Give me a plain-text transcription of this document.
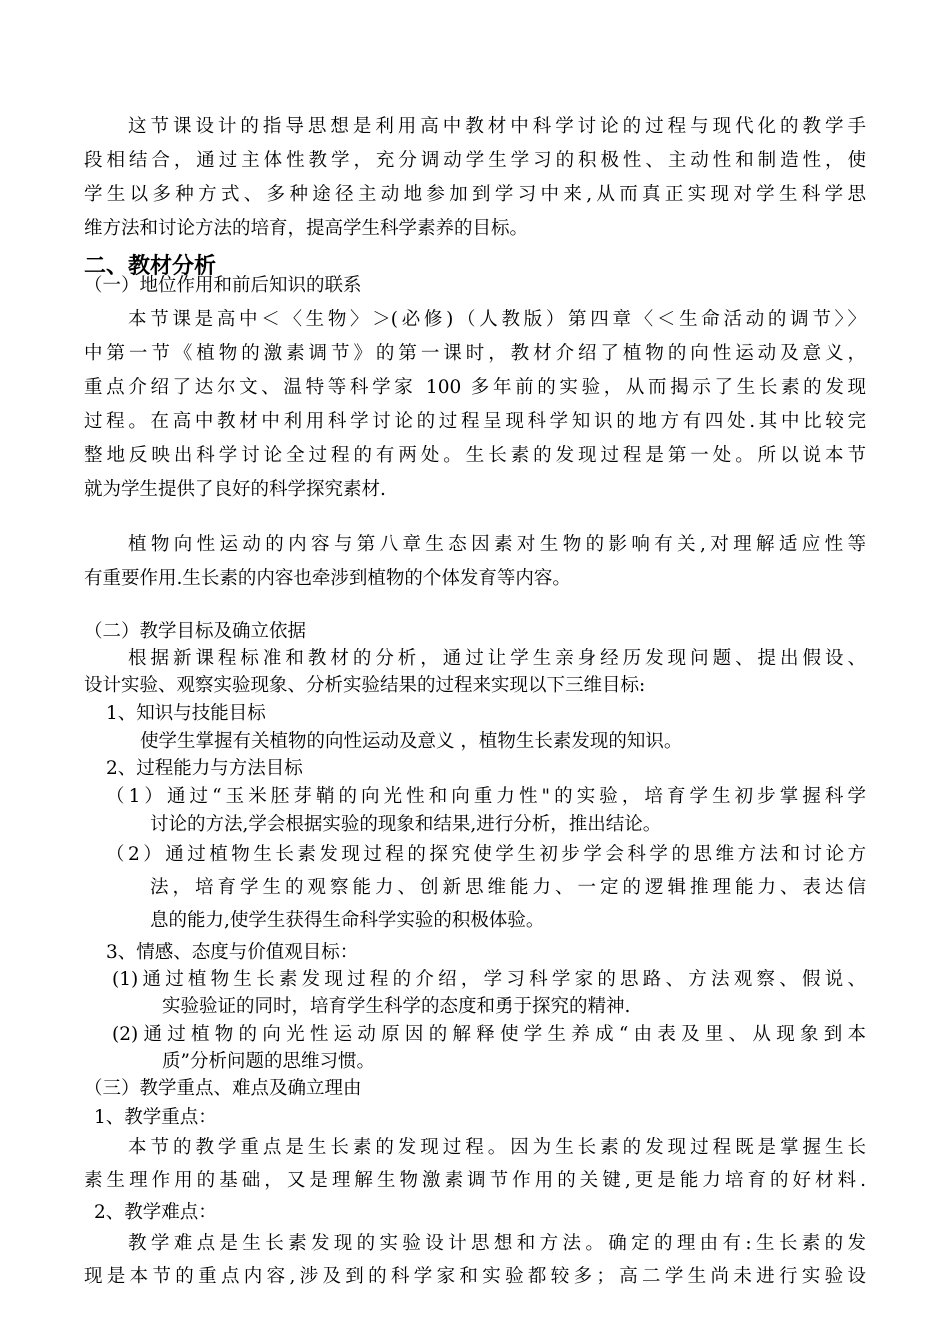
二、教材分析
这节课设计的指导思想是利用高中教材中科学讨论的过程与现代化的教学手
段相结合，通过主体性教学，充分调动学生学习的积极性、主动性和制造性，使
学生以多种方式、多种途径主动地参加到学习中来,从而真正实现对学生科学思
维方法和讨论方法的培育，提高学生科学素养的目标。
（一）地位作用和前后知识的联系
本节课是高中＜〈生物〉＞(必修)（人教版）第四章〈＜生命活动的调节〉〉
中第一节《植物的激素调节》的第一课时，教材介绍了植物的向性运动及意义，
重点介绍了达尔文、温特等科学家 100 多年前的实验，从而揭示了生长素的发现
过程。在高中教材中利用科学讨论的过程呈现科学知识的地方有四处.其中比较完
整地反映出科学讨论全过程的有两处。生长素的发现过程是第一处。所以说本节
就为学生提供了良好的科学探究素材.
植物向性运动的内容与第八章生态因素对生物的影响有关,对理解适应性等
有重要作用.生长素的内容也牵涉到植物的个体发育等内容。
（二）教学目标及确立依据
根据新课程标准和教材的分析，通过让学生亲身经历发现问题、提出假设、
设计实验、观察实验现象、分析实验结果的过程来实现以下三维目标:
1、知识与技能目标
使学生掌握有关植物的向性运动及意义 ，植物生长素发现的知识。
2、过程能力与方法目标
（1）通过“玉米胚芽鞘的向光性和向重力性"的实验，培育学生初步掌握科学
讨论的方法,学会根据实验的现象和结果,进行分析，推出结论。
（2）通过植物生长素发现过程的探究使学生初步学会科学的思维方法和讨论方
法，培育学生的观察能力、创新思维能力、一定的逻辑推理能力、表达信
息的能力,使学生获得生命科学实验的积极体验。
3、情感、态度与价值观目标：
(1)通过植物生长素发现过程的介绍，学习科学家的思路、方法观察、假说、
实验验证的同时，培育学生科学的态度和勇于探究的精神.
(2)通过植物的向光性运动原因的解释使学生养成“由表及里、从现象到本
质”分析问题的思维习惯。
（三）教学重点、难点及确立理由
1、教学重点：
本节的教学重点是生长素的发现过程。因为生长素的发现过程既是掌握生长
素生理作用的基础，又是理解生物激素调节作用的关键,更是能力培育的好材料.
2、教学难点：
教学难点是生长素发现的实验设计思想和方法。确定的理由有:生长素的发
现是本节的重点内容,涉及到的科学家和实验都较多；高二学生尚未进行实验设
